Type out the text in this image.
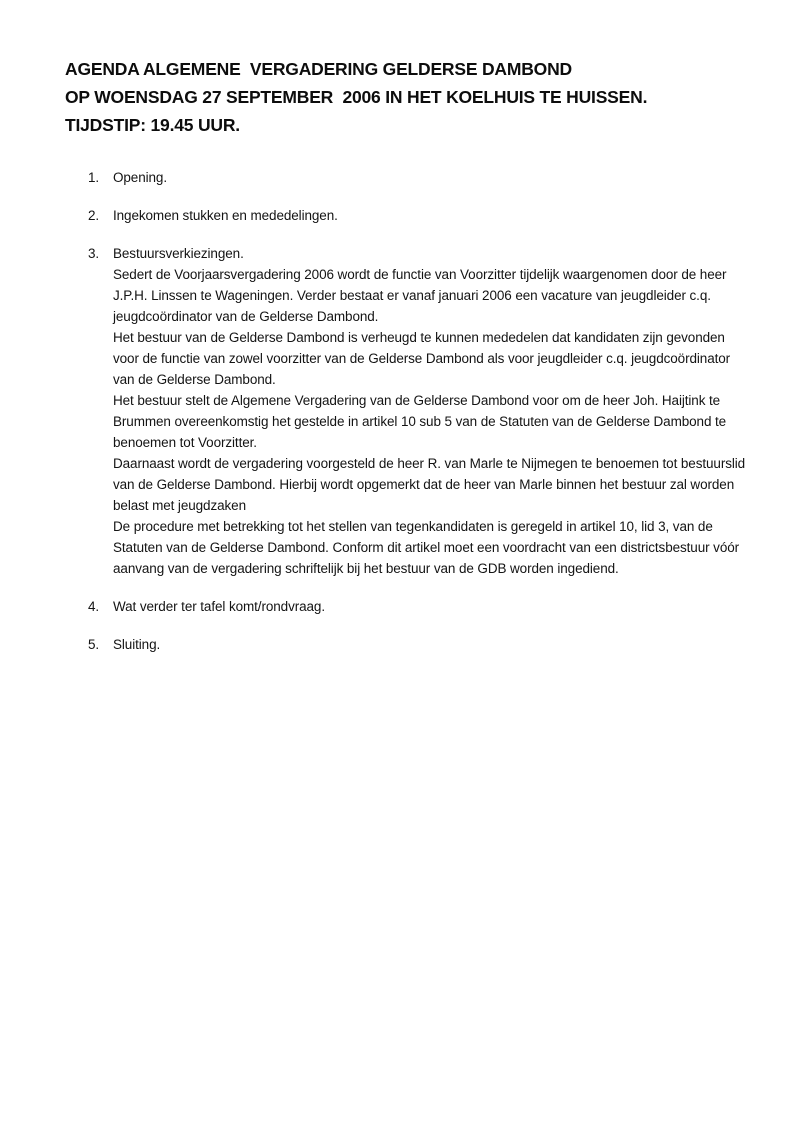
AGENDA ALGEMENE  VERGADERING GELDERSE DAMBOND
OP WOENSDAG 27 SEPTEMBER  2006 IN HET KOELHUIS TE HUISSEN.
TIJDSTIP: 19.45 UUR.
1.	Opening.
2.	Ingekomen stukken en mededelingen.
3.	Bestuursverkiezingen.

Sedert de Voorjaarsvergadering 2006 wordt de functie van Voorzitter tijdelijk waargenomen door de heer J.P.H. Linssen te Wageningen. Verder bestaat er vanaf januari 2006 een vacature van jeugdleider c.q. jeugdcoördinator van de Gelderse Dambond.

Het bestuur van de Gelderse Dambond is verheugd te kunnen mededelen dat kandidaten zijn gevonden voor de functie van zowel voorzitter van de Gelderse Dambond als voor jeugdleider c.q. jeugdcoördinator van de Gelderse Dambond.

Het bestuur stelt de Algemene Vergadering van de Gelderse Dambond voor om de heer Joh. Haijtink te Brummen overeenkomstig het gestelde in artikel 10 sub 5 van de Statuten van de Gelderse Dambond te benoemen tot Voorzitter.

Daarnaast wordt de vergadering voorgesteld de heer R. van Marle te Nijmegen te benoemen tot bestuurslid van de Gelderse Dambond. Hierbij wordt opgemerkt dat de heer van Marle binnen het bestuur zal worden belast met jeugdzaken

De procedure met betrekking tot het stellen van tegenkandidaten is geregeld in artikel 10, lid 3, van de Statuten van de Gelderse Dambond. Conform dit artikel moet een voordracht van een districtsbestuur vóór aanvang van de vergadering schriftelijk bij het bestuur van de GDB worden ingediend.

4.	Wat verder ter tafel komt/rondvraag.
5.	Sluiting.
